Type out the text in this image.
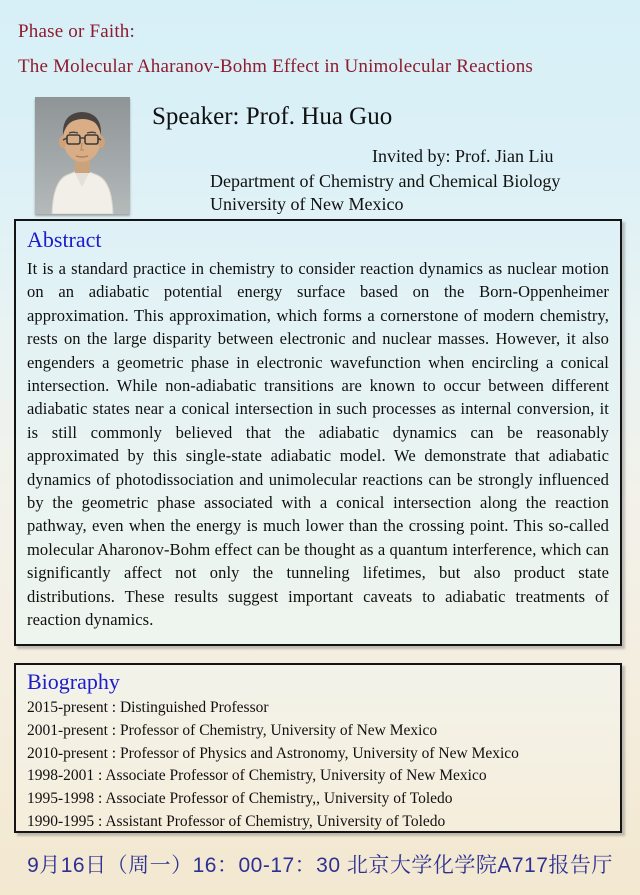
Phase or Faith:
The Molecular Aharanov-Bohm Effect in Unimolecular Reactions
Speaker: Prof. Hua Guo
Invited by: Prof. Jian Liu
Department of Chemistry and Chemical Biology
University of New Mexico
Abstract
It is a standard practice in chemistry to consider reaction dynamics as nuclear motion on an adiabatic potential energy surface based on the Born-Oppenheimer approximation. This approximation, which forms a cornerstone of modern chemistry, rests on the large disparity between electronic and nuclear masses. However, it also engenders a geometric phase in electronic wavefunction when encircling a conical intersection. While non-adiabatic transitions are known to occur between different adiabatic states near a conical intersection in such processes as internal conversion, it is still commonly believed that the adiabatic dynamics can be reasonably approximated by this single-state adiabatic model. We demonstrate that adiabatic dynamics of photodissociation and unimolecular reactions can be strongly influenced by the geometric phase associated with a conical intersection along the reaction pathway, even when the energy is much lower than the crossing point. This so-called molecular Aharonov-Bohm effect can be thought as a quantum interference, which can significantly affect not only the tunneling lifetimes, but also product state distributions. These results suggest important caveats to adiabatic treatments of reaction dynamics.
Biography
2015-present : Distinguished Professor
2001-present : Professor of Chemistry, University of New Mexico
2010-present : Professor of Physics and Astronomy, University of New Mexico
1998-2001 : Associate Professor of Chemistry, University of New Mexico
1995-1998 : Associate Professor of Chemistry,, University of Toledo
1990-1995 : Assistant Professor of Chemistry, University of Toledo
9月16日（周一）16：00-17：30 北京大学化学院A717报告厅
